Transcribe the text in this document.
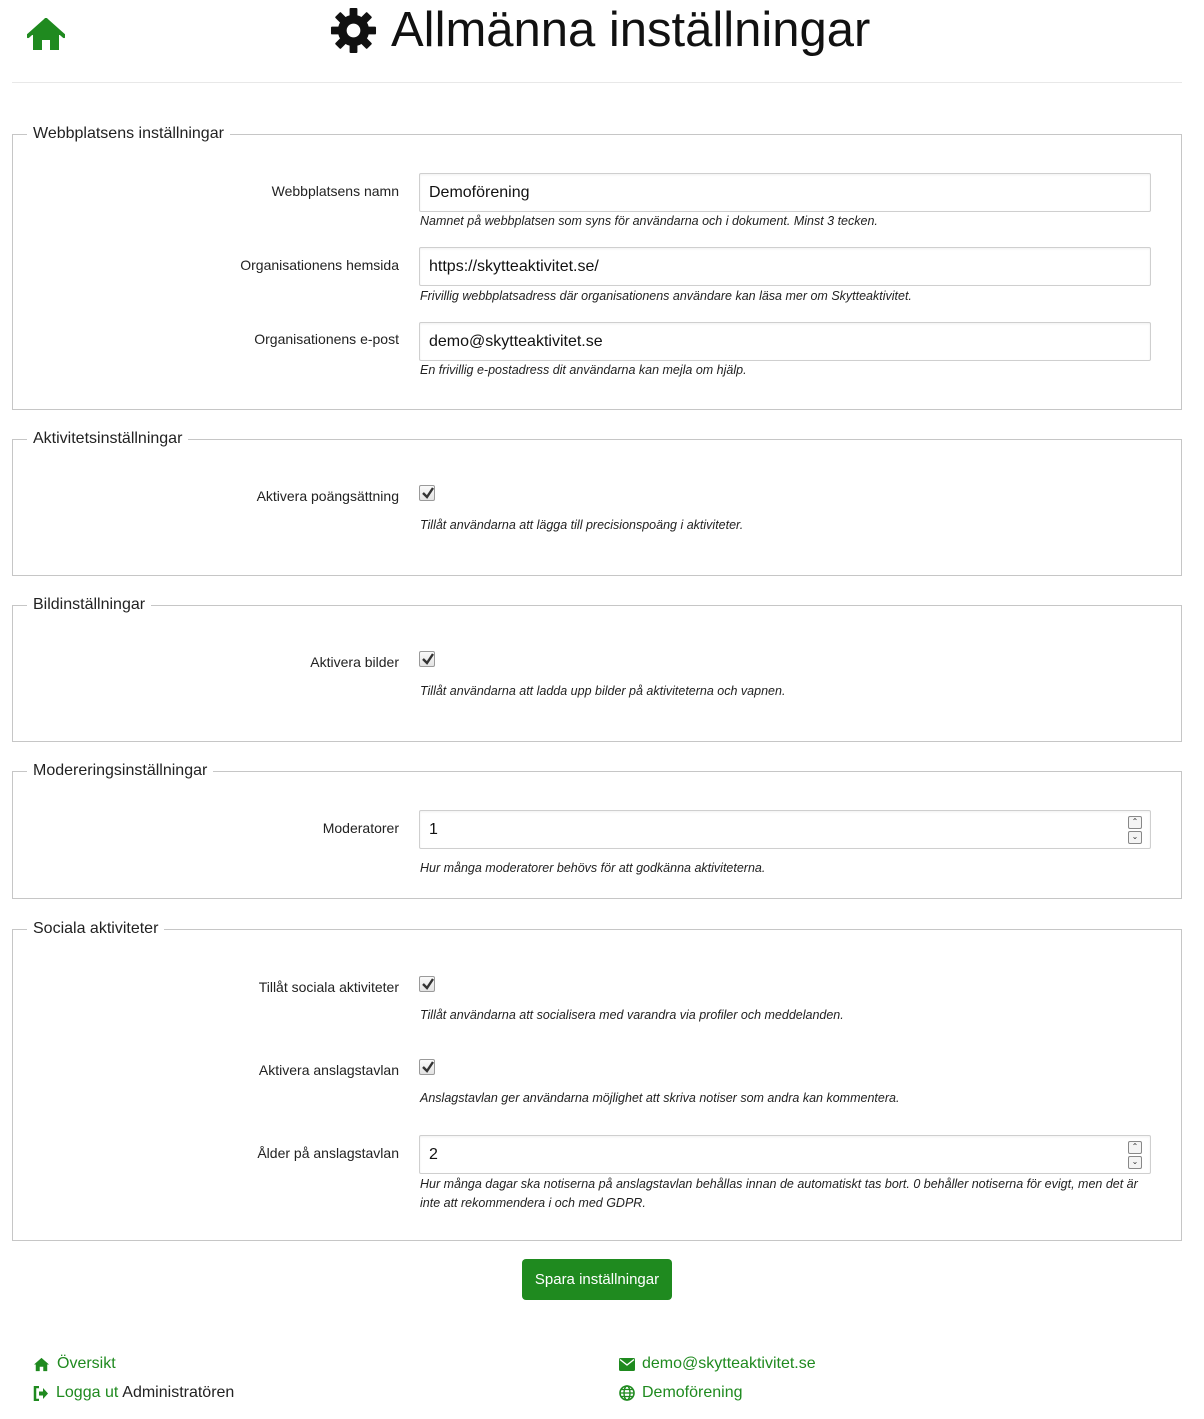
Allmänna inställningar
Webbplatsens inställningar
Webbplatsens namn
Demoförening
Namnet på webbplatsen som syns för användarna och i dokument. Minst 3 tecken.
Organisationens hemsida
https://skytteaktivitet.se/
Frivillig webbplatsadress där organisationens användare kan läsa mer om Skytteaktivitet.
Organisationens e-post
demo@skytteaktivitet.se
En frivillig e-postadress dit användarna kan mejla om hjälp.
Aktivitetsinställningar
Aktivera poängsättning
Tillåt användarna att lägga till precisionspoäng i aktiviteter.
Bildinställningar
Aktivera bilder
Tillåt användarna att ladda upp bilder på aktiviteterna och vapnen.
Modereringsinställningar
Moderatorer	1	⌃
⌄
Hur många moderatorer behövs för att godkänna aktiviteterna.
Sociala aktiviteter
Tillåt sociala aktiviteter
Tillåt användarna att socialisera med varandra via profiler och meddelanden.
Aktivera anslagstavlan
Anslagstavlan ger användarna möjlighet att skriva notiser som andra kan kommentera.
Ålder på anslagstavlan	2	⌃
⌄
Hur många dagar ska notiserna på anslagstavlan behållas innan de automatiskt tas bort. 0 behåller notiserna för evigt, men det är inte att rekommendera i och med GDPR.
Spara inställningar
Översikt
Logga ut Administratören
demo@skytteaktivitet.se
Demoförening
